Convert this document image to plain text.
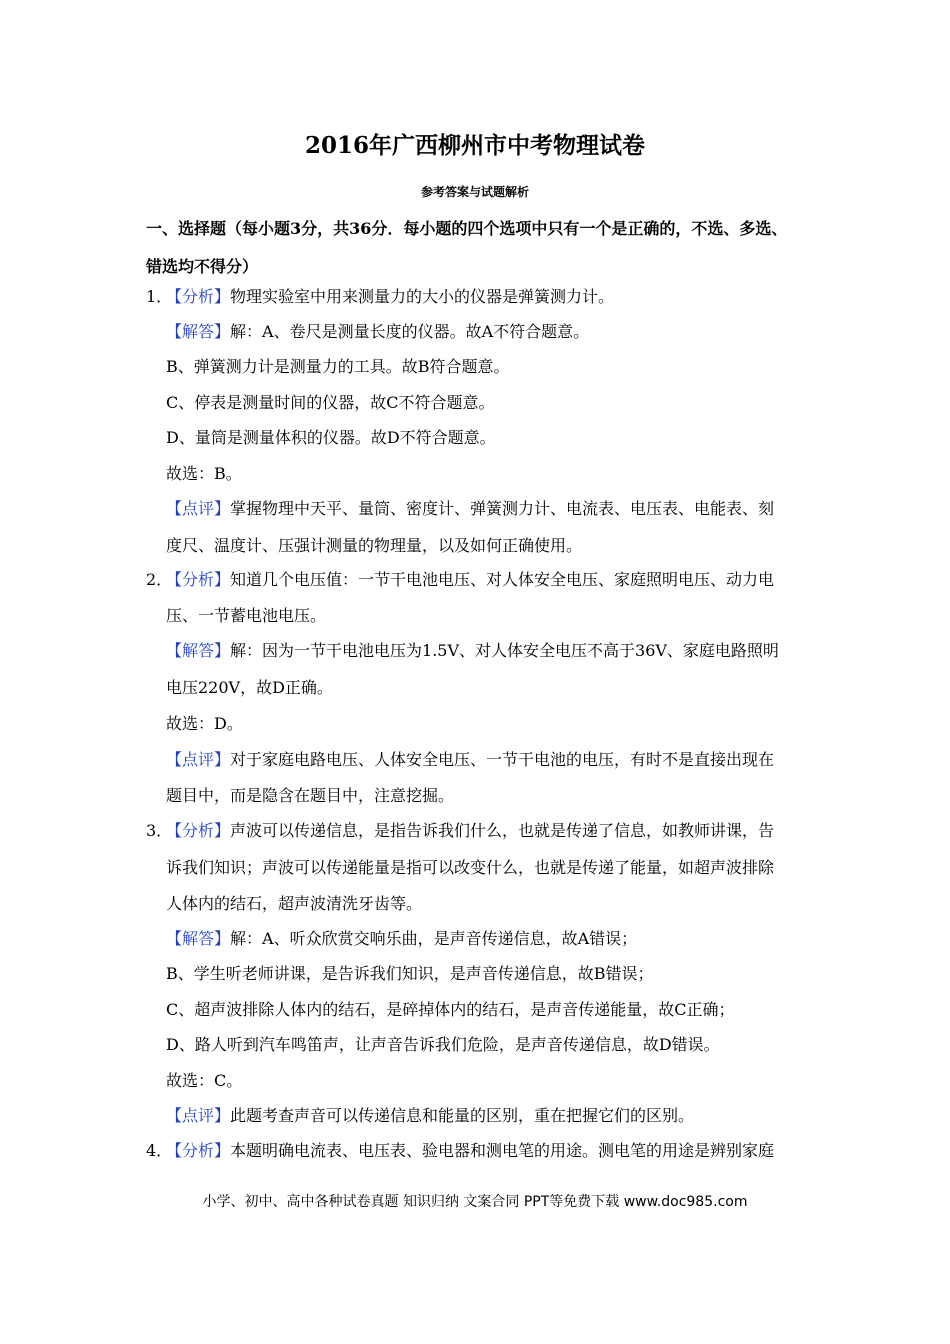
2016年广西柳州市中考物理试卷
参考答案与试题解析
一、选择题（每小题3分，共36分．每小题的四个选项中只有一个是正确的，不选、多选、
错选均不得分）
1．
【分析】物理实验室中用来测量力的大小的仪器是弹簧测力计。
【解答】解：A、卷尺是测量长度的仪器。故A不符合题意。
B、弹簧测力计是测量力的工具。故B符合题意。
C、停表是测量时间的仪器，故C不符合题意。
D、量筒是测量体积的仪器。故D不符合题意。
故选：B。
【点评】掌握物理中天平、量筒、密度计、弹簧测力计、电流表、电压表、电能表、刻
度尺、温度计、压强计测量的物理量，以及如何正确使用。
2．
【分析】知道几个电压值：一节干电池电压、对人体安全电压、家庭照明电压、动力电
压、一节蓄电池电压。
【解答】解：因为一节干电池电压为1.5V、对人体安全电压不高于36V、家庭电路照明
电压220V，故D正确。
故选：D。
【点评】对于家庭电路电压、人体安全电压、一节干电池的电压，有时不是直接出现在
题目中，而是隐含在题目中，注意挖掘。
3．
【分析】声波可以传递信息，是指告诉我们什么，也就是传递了信息，如教师讲课，告
诉我们知识；声波可以传递能量是指可以改变什么，也就是传递了能量，如超声波排除
人体内的结石，超声波清洗牙齿等。
【解答】解：A、听众欣赏交响乐曲，是声音传递信息，故A错误；
B、学生听老师讲课，是告诉我们知识，是声音传递信息，故B错误；
C、超声波排除人体内的结石，是碎掉体内的结石，是声音传递能量，故C正确；
D、路人听到汽车鸣笛声，让声音告诉我们危险，是声音传递信息，故D错误。
故选：C。
【点评】此题考查声音可以传递信息和能量的区别，重在把握它们的区别。
4．
【分析】本题明确电流表、电压表、验电器和测电笔的用途。测电笔的用途是辨别家庭
小学、初中、高中各种试卷真题 知识归纳 文案合同 PPT等免费下载 www.doc985.com
